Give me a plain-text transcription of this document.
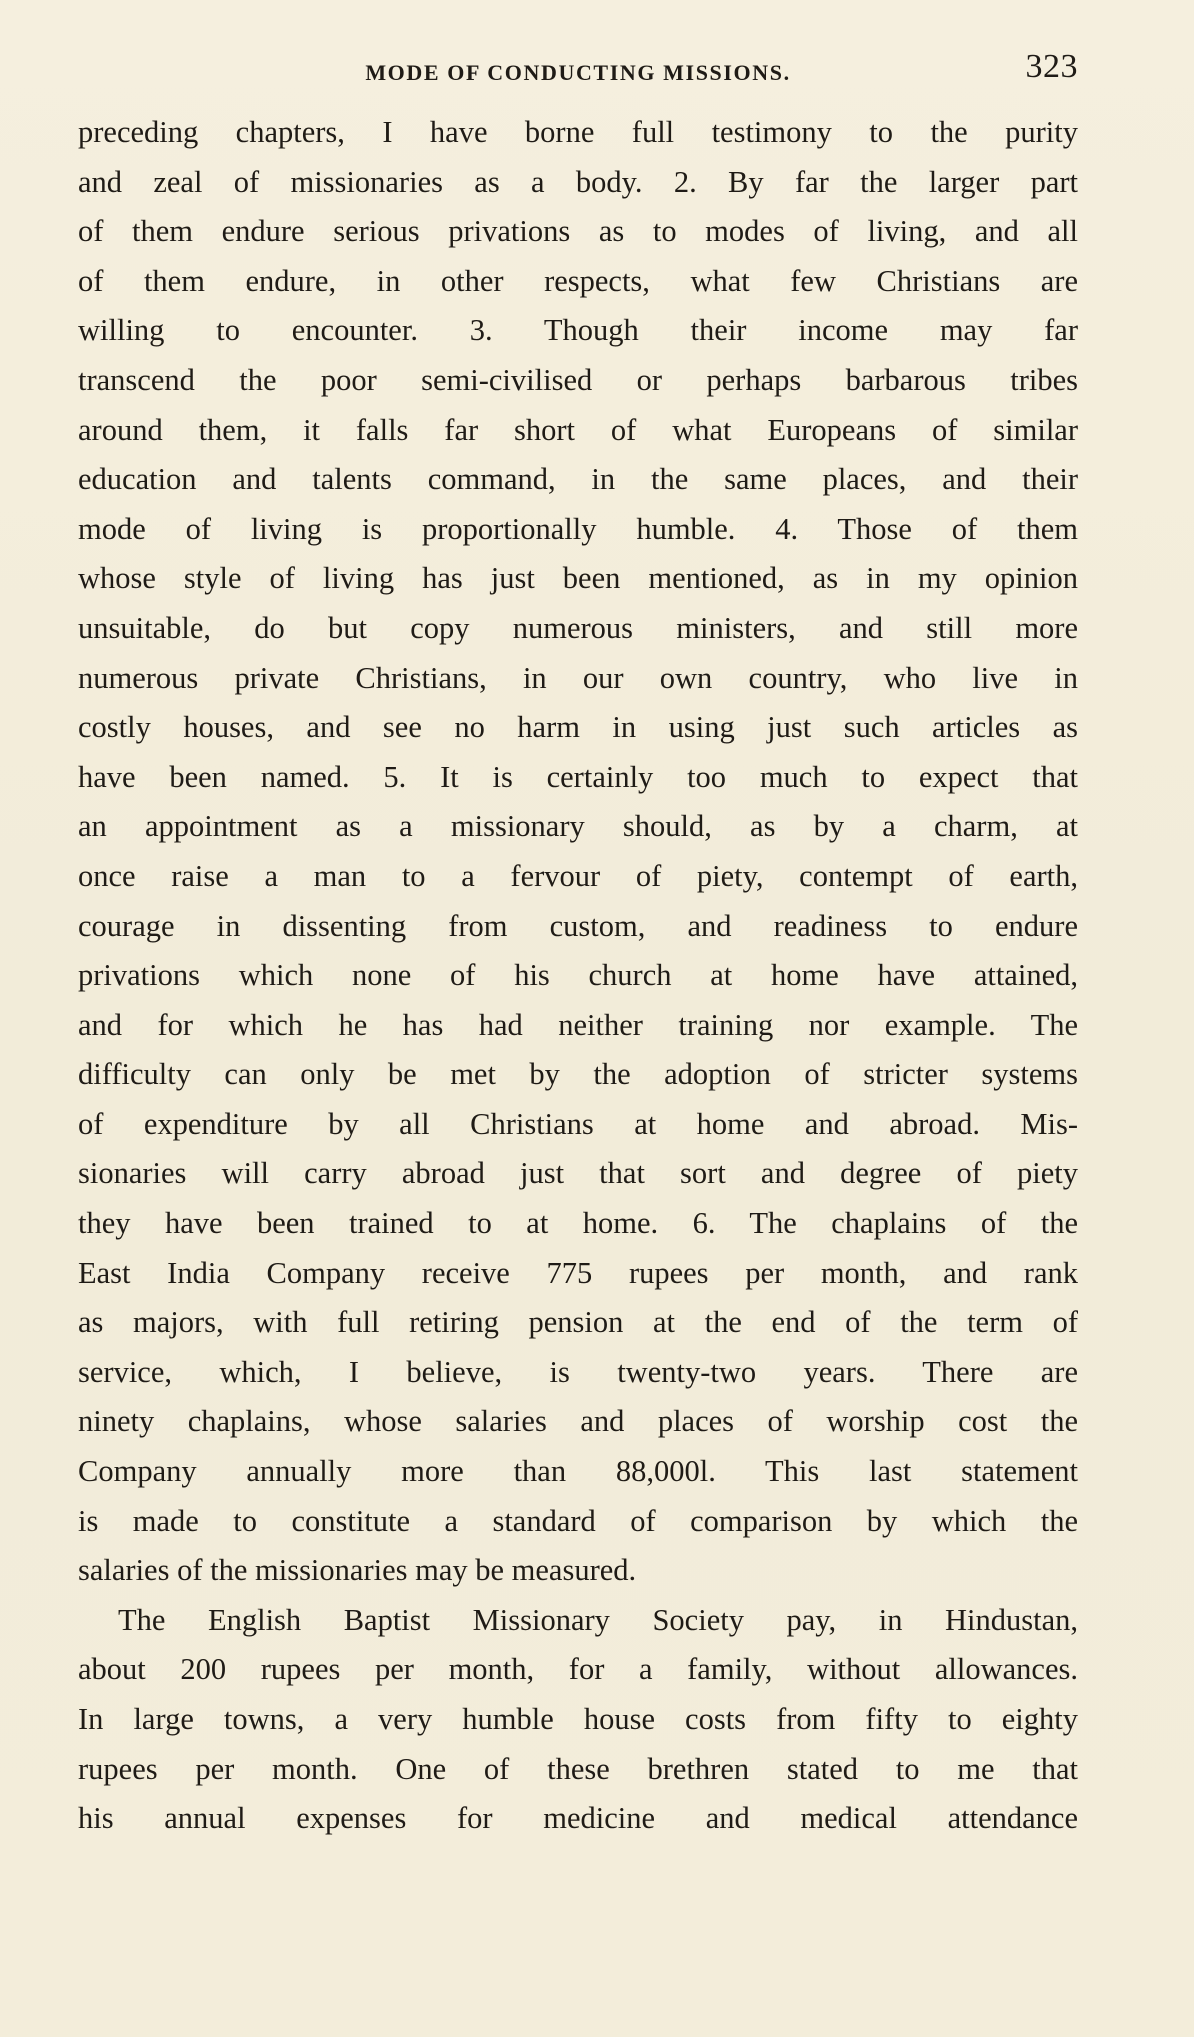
MODE OF CONDUCTING MISSIONS.	323
preceding chapters, I have borne full testimony to the purity
and zeal of missionaries as a body. 2. By far the larger part
of them endure serious privations as to modes of living, and all
of them endure, in other respects, what few Christians are
willing to encounter. 3. Though their income may far
transcend the poor semi-civilised or perhaps barbarous tribes
around them, it falls far short of what Europeans of similar
education and talents command, in the same places, and their
mode of living is proportionally humble. 4. Those of them
whose style of living has just been mentioned, as in my opinion
unsuitable, do but copy numerous ministers, and still more
numerous private Christians, in our own country, who live in
costly houses, and see no harm in using just such articles as
have been named. 5. It is certainly too much to expect that
an appointment as a missionary should, as by a charm, at
once raise a man to a fervour of piety, contempt of earth,
courage in dissenting from custom, and readiness to endure
privations which none of his church at home have attained,
and for which he has had neither training nor example. The
difficulty can only be met by the adoption of stricter systems
of expenditure by all Christians at home and abroad. Mis-
sionaries will carry abroad just that sort and degree of piety
they have been trained to at home. 6. The chaplains of the
East India Company receive 775 rupees per month, and rank
as majors, with full retiring pension at the end of the term of
service, which, I believe, is twenty-two years. There are
ninety chaplains, whose salaries and places of worship cost the
Company annually more than 88,000l. This last statement
is made to constitute a standard of comparison by which the
salaries of the missionaries may be measured.
The English Baptist Missionary Society pay, in Hindustan,
about 200 rupees per month, for a family, without allowances.
In large towns, a very humble house costs from fifty to eighty
rupees per month. One of these brethren stated to me that
his annual expenses for medicine and medical attendance
